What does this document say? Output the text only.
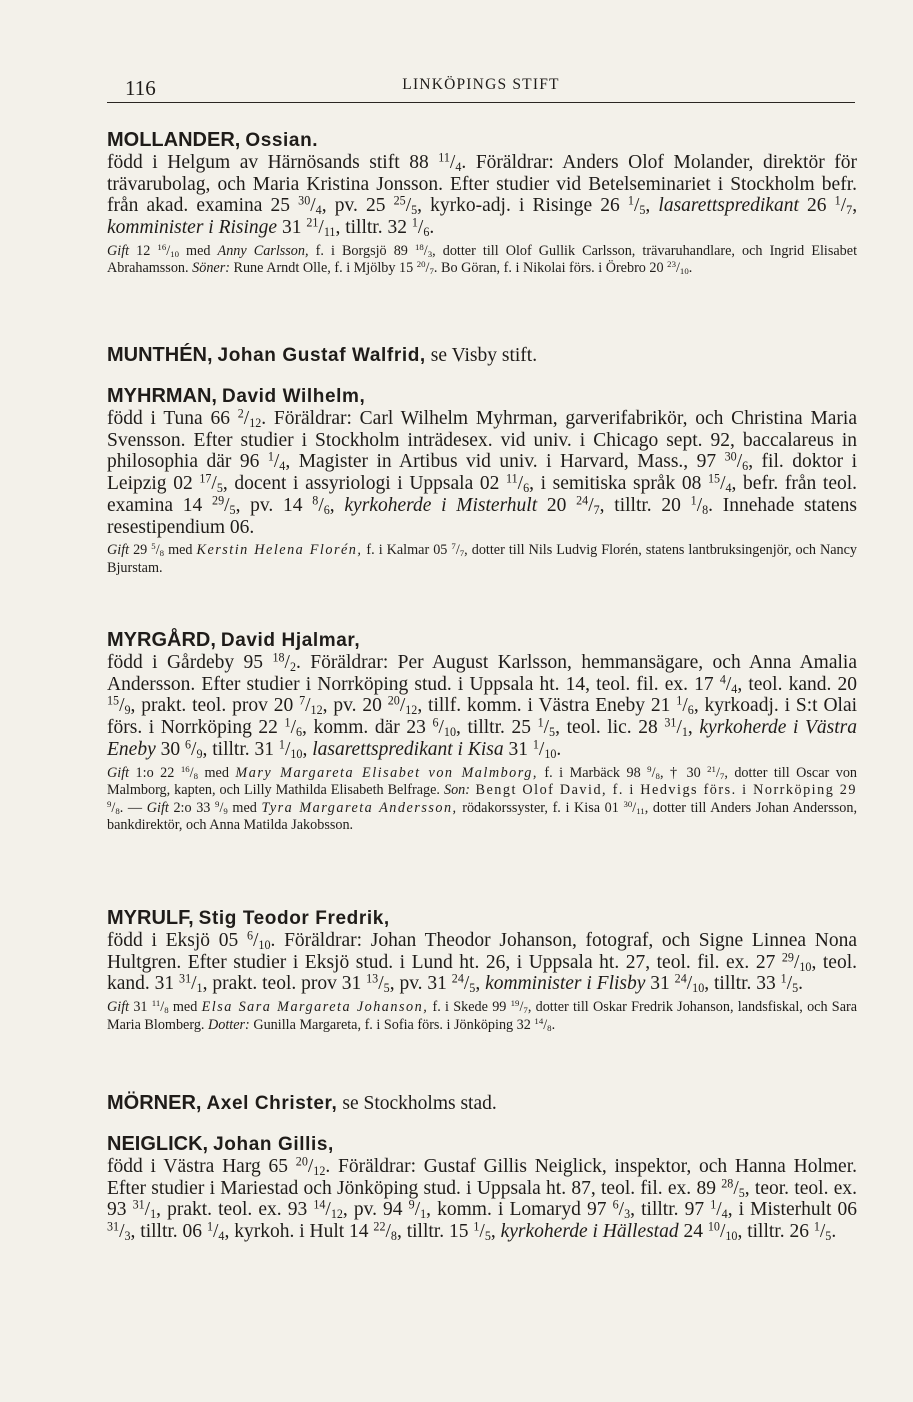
116	LINKÖPINGS STIFT
MOLLANDER, Ossian.
född i Helgum av Härnösands stift 88 $^{11}/_4$. Föräldrar: Anders Olof Molander, direktör för trävarubolag, och Maria Kristina Jonsson. Efter studier vid Betelseminariet i Stockholm befr. från akad. examina 25 $^{30}/_4$, pv. 25 $^{25}/_5$, kyrko-adj. i Risinge 26 $^1/_5$, lasarettspredikant 26 $^1/_7$, komminister i Risinge 31 $^{21}/_{11}$, tilltr. 32 $^1/_6$.
Gift 12 $^{16}/_{10}$ med Anny Carlsson, f. i Borgsjö 89 $^{18}/_3$, dotter till Olof Gullik Carlsson, trävaruhandlare, och Ingrid Elisabet Abrahamsson. Söner: Rune Arndt Olle, f. i Mjölby 15 $^{20}/_7$. Bo Göran, f. i Nikolai förs. i Örebro 20 $^{23}/_{10}$.
MUNTHÉN, Johan Gustaf Walfrid, se Visby stift.
MYHRMAN, David Wilhelm,
född i Tuna 66 $^2/_{12}$. Föräldrar: Carl Wilhelm Myhrman, garverifabrikör, och Christina Maria Svensson. Efter studier i Stockholm inträdesex. vid univ. i Chicago sept. 92, baccalareus in philosophia där 96 $^1/_4$, Magister in Artibus vid univ. i Harvard, Mass., 97 $^{30}/_6$, fil. doktor i Leipzig 02 $^{17}/_5$, docent i assyriologi i Uppsala 02 $^{11}/_6$, i semitiska språk 08 $^{15}/_4$, befr. från teol. examina 14 $^{29}/_5$, pv. 14 $^8/_6$, kyrkoherde i Misterhult 20 $^{24}/_7$, tilltr. 20 $^1/_8$. Innehade statens resestipendium 06.
Gift 29 $^5/_8$ med Kerstin Helena Florén, f. i Kalmar 05 $^7/_7$, dotter till Nils Ludvig Florén, statens lantbruksingenjör, och Nancy Bjurstam.
MYRGÅRD, David Hjalmar,
född i Gårdeby 95 $^{18}/_2$. Föräldrar: Per August Karlsson, hemmansägare, och Anna Amalia Andersson. Efter studier i Norrköping stud. i Uppsala ht. 14, teol. fil. ex. 17 $^4/_4$, teol. kand. 20 $^{15}/_9$, prakt. teol. prov 20 $^7/_{12}$, pv. 20 $^{20}/_{12}$, tillf. komm. i Västra Eneby 21 $^1/_6$, kyrkoadj. i S:t Olai förs. i Norrköping 22 $^1/_6$, komm. där 23 $^6/_{10}$, tilltr. 25 $^1/_5$, teol. lic. 28 $^{31}/_1$, kyrkoherde i Västra Eneby 30 $^6/_9$, tilltr. 31 $^1/_{10}$, lasarettspredikant i Kisa 31 $^1/_{10}$.
Gift 1:o 22 $^{16}/_8$ med Mary Margareta Elisabet von Malmborg, f. i Marbäck 98 $^9/_8$, † 30 $^{21}/_7$, dotter till Oscar von Malmborg, kapten, och Lilly Mathilda Elisabeth Belfrage. Son: Bengt Olof David, f. i Hedvigs förs. i Norrköping 29 $^9/_8$. — Gift 2:o 33 $^9/_9$ med Tyra Margareta Andersson, rödakorssyster, f. i Kisa 01 $^{30}/_{11}$, dotter till Anders Johan Andersson, bankdirektör, och Anna Matilda Jakobsson.
MYRULF, Stig Teodor Fredrik,
född i Eksjö 05 $^6/_{10}$. Föräldrar: Johan Theodor Johanson, fotograf, och Signe Linnea Nona Hultgren. Efter studier i Eksjö stud. i Lund ht. 26, i Uppsala ht. 27, teol. fil. ex. 27 $^{29}/_{10}$, teol. kand. 31 $^{31}/_1$, prakt. teol. prov 31 $^{13}/_5$, pv. 31 $^{24}/_5$, komminister i Flisby 31 $^{24}/_{10}$, tilltr. 33 $^1/_5$.
Gift 31 $^{11}/_8$ med Elsa Sara Margareta Johanson, f. i Skede 99 $^{19}/_7$, dotter till Oskar Fredrik Johanson, landsfiskal, och Sara Maria Blomberg. Dotter: Gunilla Margareta, f. i Sofia förs. i Jönköping 32 $^{14}/_8$.
MÖRNER, Axel Christer, se Stockholms stad.
NEIGLICK, Johan Gillis,
född i Västra Harg 65 $^{20}/_{12}$. Föräldrar: Gustaf Gillis Neiglick, inspektor, och Hanna Holmer. Efter studier i Mariestad och Jönköping stud. i Uppsala ht. 87, teol. fil. ex. 89 $^{28}/_5$, teor. teol. ex. 93 $^{31}/_1$, prakt. teol. ex. 93 $^{14}/_{12}$, pv. 94 $^9/_1$, komm. i Lomaryd 97 $^6/_3$, tilltr. 97 $^1/_4$, i Misterhult 06 $^{31}/_3$, tilltr. 06 $^1/_4$, kyrkoh. i Hult 14 $^{22}/_8$, tilltr. 15 $^1/_5$, kyrkoherde i Hällestad 24 $^{10}/_{10}$, tilltr. 26 $^1/_5$.
